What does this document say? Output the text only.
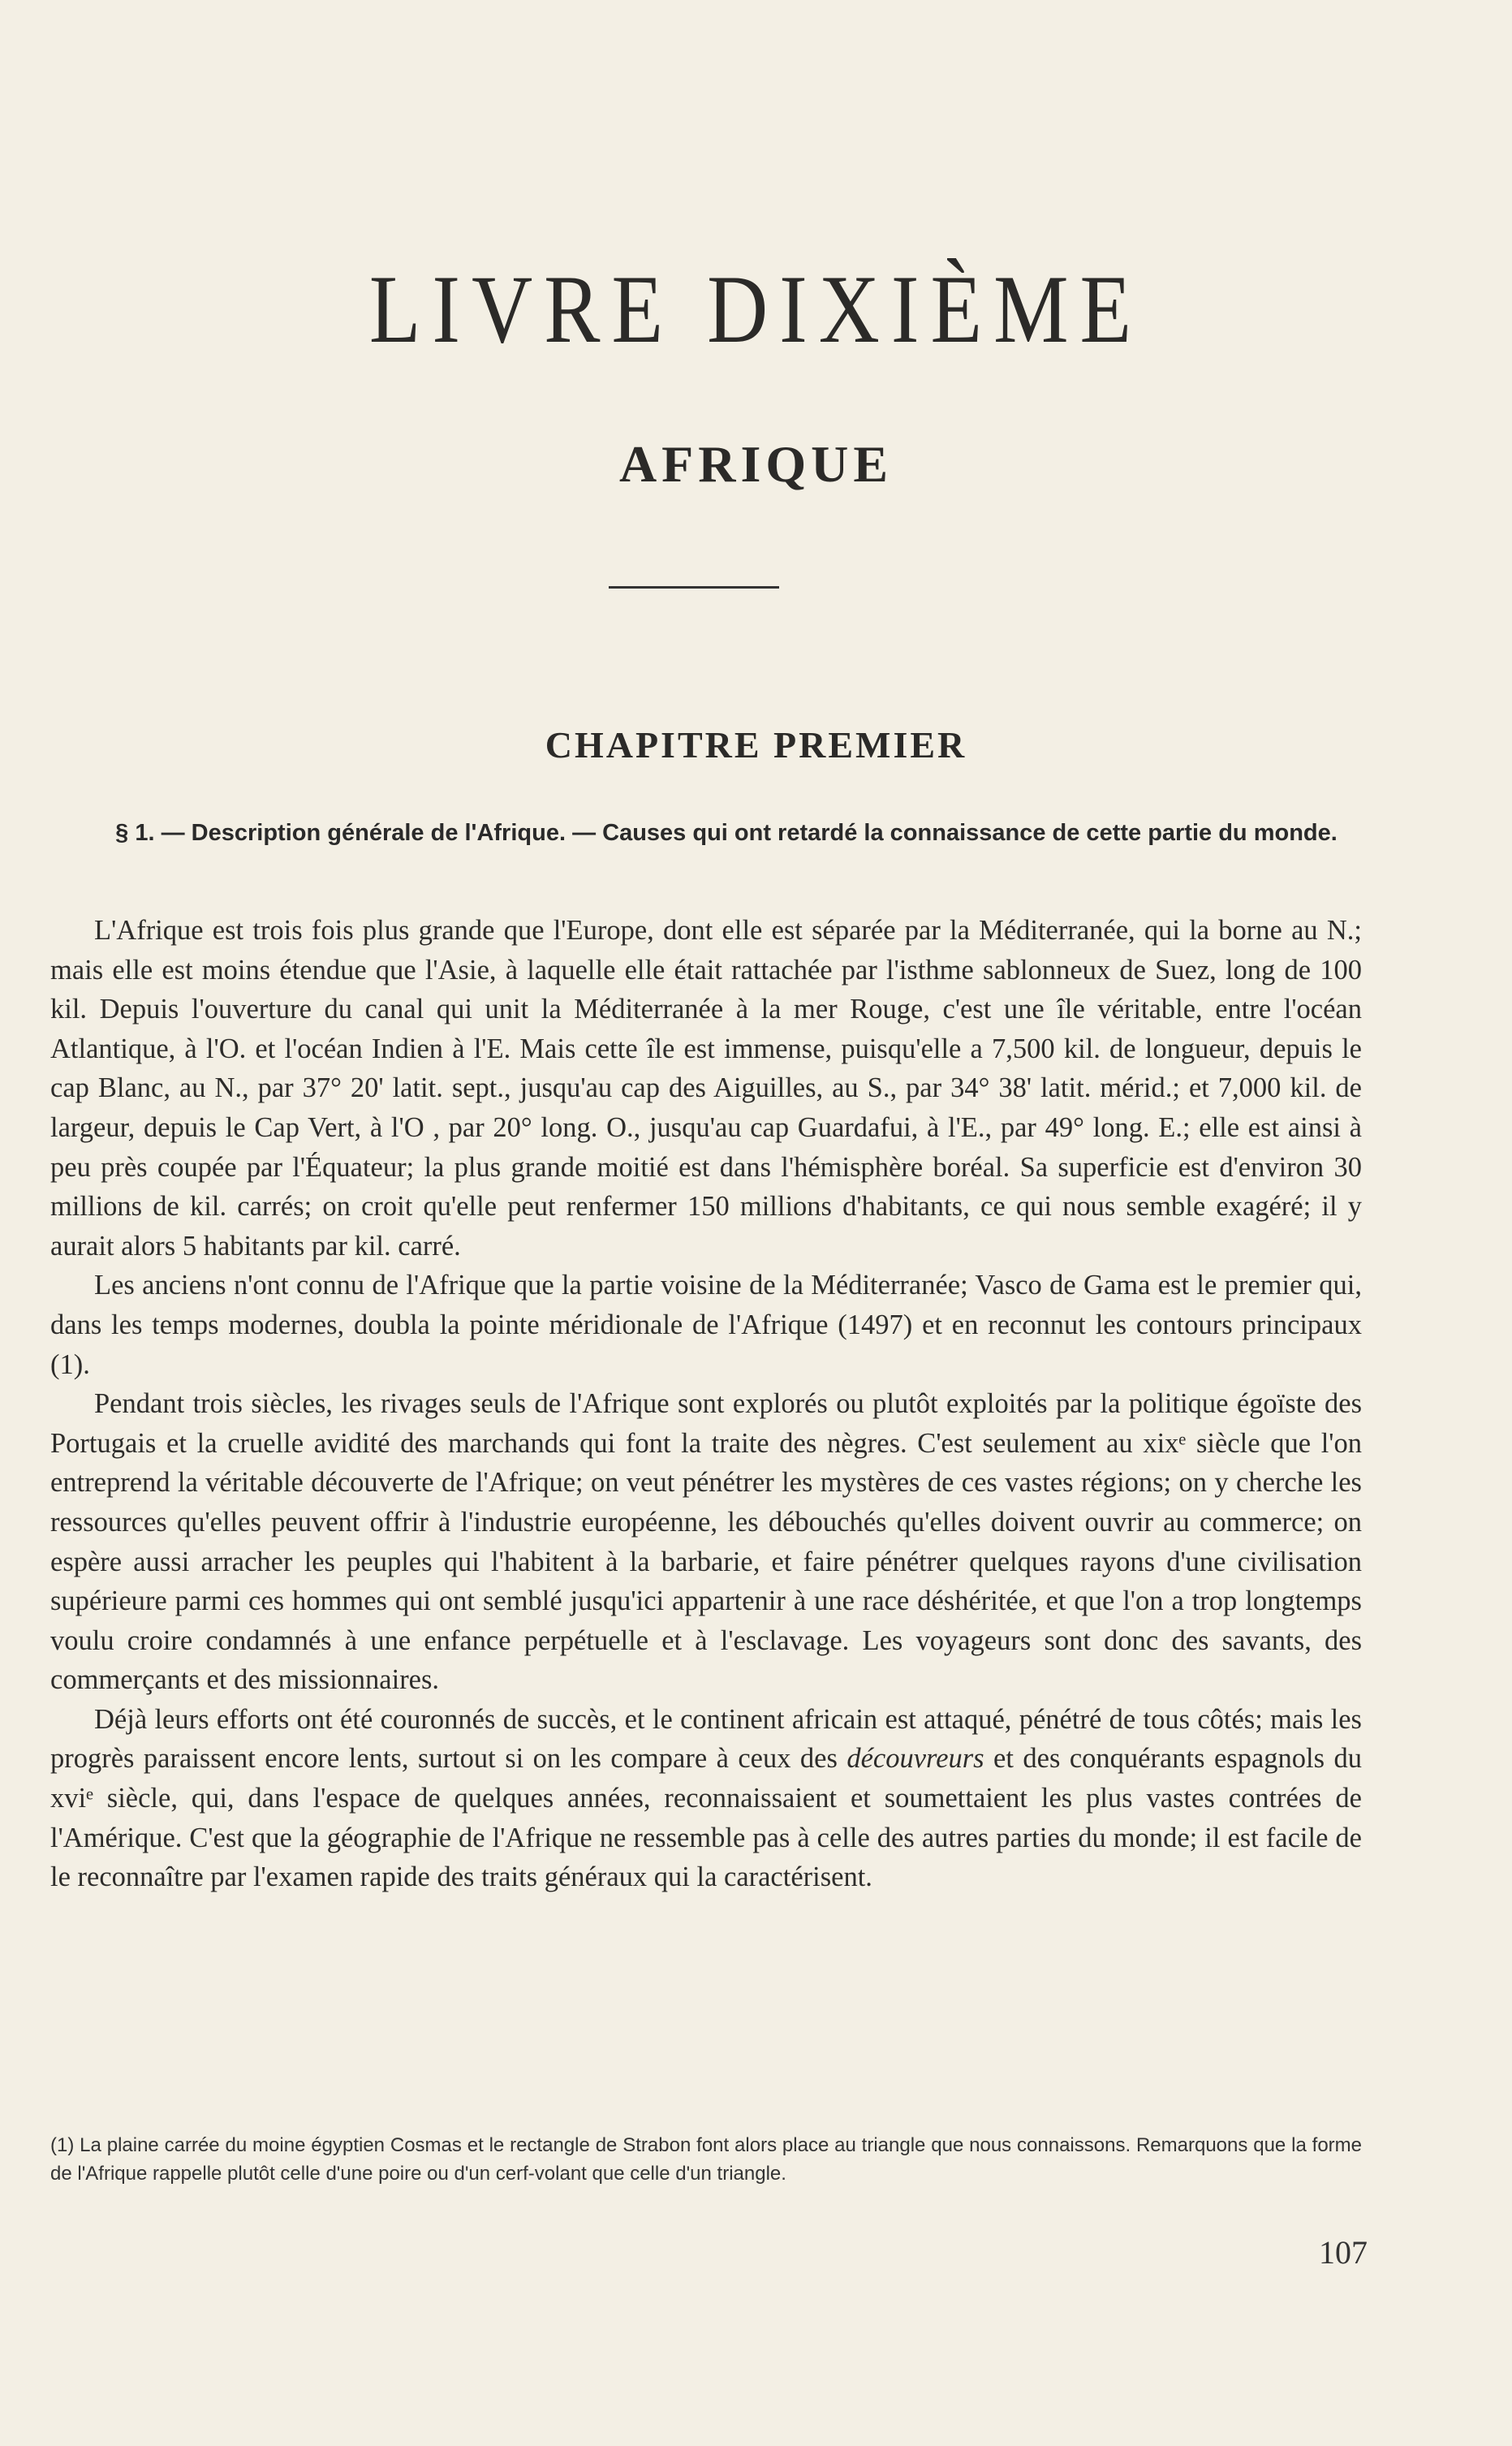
LIVRE DIXIÈME
AFRIQUE
CHAPITRE PREMIER
§ 1. — Description générale de l'Afrique. — Causes qui ont retardé la connaissance de cette partie du monde.

L'Afrique est trois fois plus grande que l'Europe, dont elle est séparée par la Méditerranée, qui la borne au N.; mais elle est moins étendue que l'Asie, à laquelle elle était rattachée par l'isthme sablonneux de Suez, long de 100 kil. Depuis l'ouverture du canal qui unit la Méditerranée à la mer Rouge, c'est une île véritable, entre l'océan Atlantique, à l'O. et l'océan Indien à l'E. Mais cette île est immense, puisqu'elle a 7,500 kil. de longueur, depuis le cap Blanc, au N., par 37° 20' latit. sept., jusqu'au cap des Aiguilles, au S., par 34° 38' latit. mérid.; et 7,000 kil. de largeur, depuis le Cap Vert, à l'O , par 20° long. O., jusqu'au cap Guardafui, à l'E., par 49° long. E.; elle est ainsi à peu près coupée par l'Équateur; la plus grande moitié est dans l'hémisphère boréal. Sa superficie est d'environ 30 millions de kil. carrés; on croit qu'elle peut renfermer 150 millions d'habitants, ce qui nous semble exagéré; il y aurait alors 5 habitants par kil. carré.

Les anciens n'ont connu de l'Afrique que la partie voisine de la Méditerranée; Vasco de Gama est le premier qui, dans les temps modernes, doubla la pointe méridionale de l'Afrique (1497) et en reconnut les contours principaux (1).

Pendant trois siècles, les rivages seuls de l'Afrique sont explorés ou plutôt exploités par la politique égoïste des Portugais et la cruelle avidité des marchands qui font la traite des nègres. C'est seulement au xixᵉ siècle que l'on entreprend la véritable découverte de l'Afrique; on veut pénétrer les mystères de ces vastes régions; on y cherche les ressources qu'elles peuvent offrir à l'industrie européenne, les débouchés qu'elles doivent ouvrir au commerce; on espère aussi arracher les peuples qui l'habitent à la barbarie, et faire pénétrer quelques rayons d'une civilisation supérieure parmi ces hommes qui ont semblé jusqu'ici appartenir à une race déshéritée, et que l'on a trop longtemps voulu croire condamnés à une enfance perpétuelle et à l'esclavage. Les voyageurs sont donc des savants, des commerçants et des missionnaires.

Déjà leurs efforts ont été couronnés de succès, et le continent africain est attaqué, pénétré de tous côtés; mais les progrès paraissent encore lents, surtout si on les compare à ceux des découvreurs et des conquérants espagnols du xviᵉ siècle, qui, dans l'espace de quelques années, reconnaissaient et soumettaient les plus vastes contrées de l'Amérique. C'est que la géographie de l'Afrique ne ressemble pas à celle des autres parties du monde; il est facile de le reconnaître par l'examen rapide des traits généraux qui la caractérisent.

(1) La plaine carrée du moine égyptien Cosmas et le rectangle de Strabon font alors place au triangle que nous connaissons. Remarquons que la forme de l'Afrique rappelle plutôt celle d'une poire ou d'un cerf-volant que celle d'un triangle.
107
